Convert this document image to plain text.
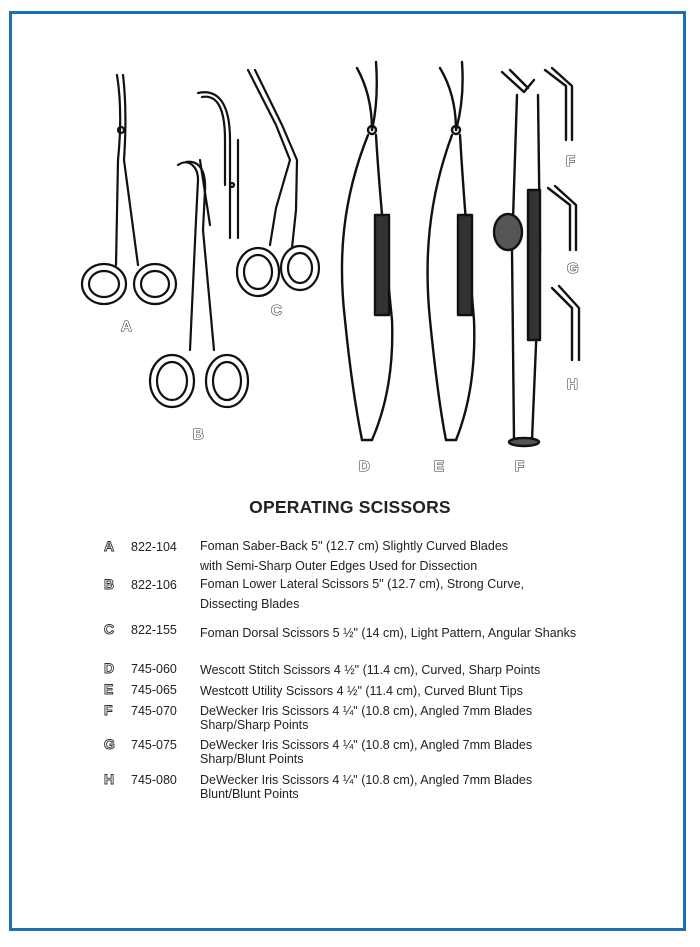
A
B
C
D	E	F
F
G
H
OPERATING SCISSORS
A 822-104 Foman Saber-Back 5" (12.7 cm) Slightly Curved Blades
with Semi-Sharp Outer Edges Used for Dissection
B 822-106 Foman Lower Lateral Scissors 5" (12.7 cm), Strong Curve,
Dissecting Blades
C 822-155 Foman Dorsal Scissors 5 ½" (14 cm), Light Pattern, Angular Shanks
D 745-060 Wescott Stitch Scissors 4 ½" (11.4 cm), Curved, Sharp Points
E 745-065 Westcott Utility Scissors 4 ½" (11.4 cm), Curved Blunt Tips
F 745-070 DeWecker Iris Scissors 4 ¼" (10.8 cm), Angled 7mm Blades
Sharp/Sharp Points
G 745-075 DeWecker Iris Scissors 4 ¼" (10.8 cm), Angled 7mm Blades
Sharp/Blunt Points
H 745-080 DeWecker Iris Scissors 4 ¼" (10.8 cm), Angled 7mm Blades
Blunt/Blunt Points
